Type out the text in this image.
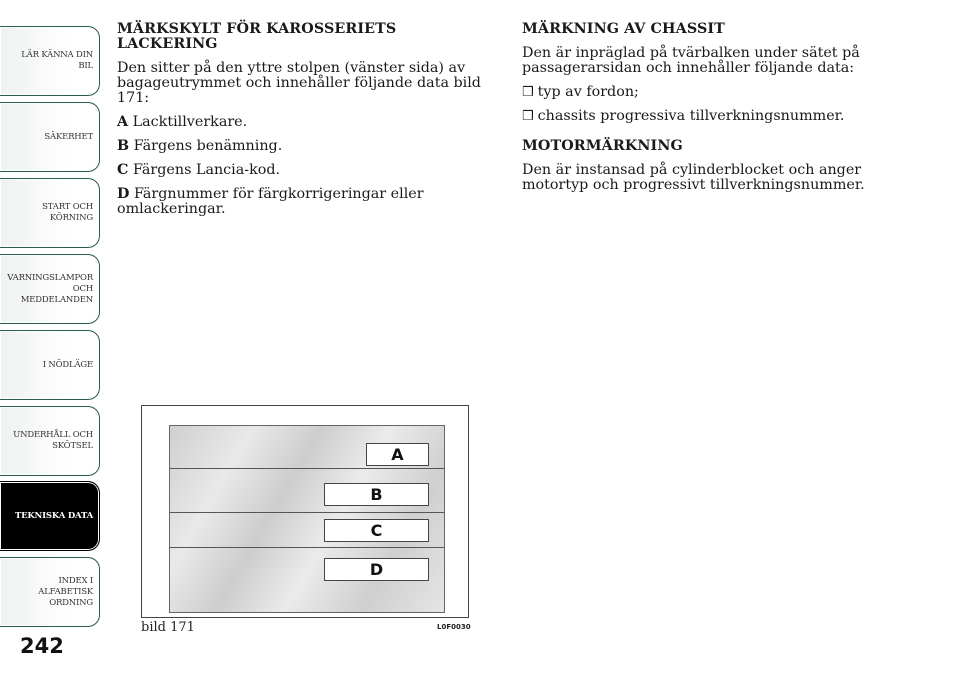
LÄR KÄNNA DIN
BIL
SÄKERHET
START OCH
KÖRNING
VARNINGSLAMPOR
OCH
MEDDELANDEN
I NÖDLÄGE
UNDERHÅLL OCH
SKÖTSEL
TEKNISKA DATA
INDEX I
ALFABETISK
ORDNING
242
MÄRKSKYLT FÖR KAROSSERIETS LACKERING

Den sitter på den yttre stolpen (vänster sida) av bagageutrymmet och innehåller följande data bild 171:

A Lacktillverkare.

B Färgens benämning.

C Färgens Lancia-kod.

D Färgnummer för färgkorrigeringar eller omlackeringar.

MÄRKNING AV CHASSIT

Den är inpräglad på tvärbalken under sätet på passagerarsidan och innehåller följande data:

❒ typ av fordon;
❒ chassits progressiva tillverkningsnummer.
MOTORMÄRKNING

Den är instansad på cylinderblocket och anger motortyp och progressivt tillverkningsnummer.

A
B
C
D
bild 171	L0F0030
